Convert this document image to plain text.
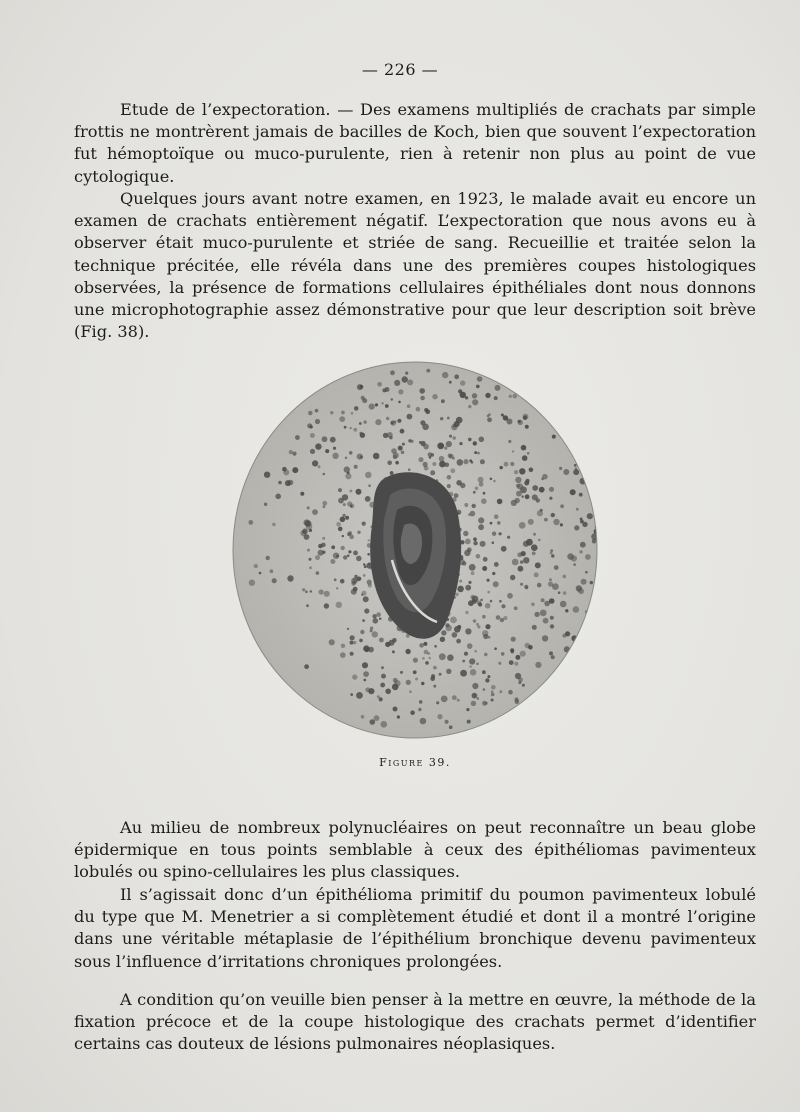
— 226 —

Etude de l’expectoration. — Des examens multipliés de crachats par simple frottis ne montrèrent jamais de bacilles de Koch, bien que souvent l’expectoration fut hémoptoïque ou muco-purulente, rien à retenir non plus au point de vue cytologique.

Quelques jours avant notre examen, en 1923, le malade avait eu encore un examen de crachats entièrement négatif. L’expectoration que nous avons eu à observer était muco-purulente et striée de sang. Recueillie et traitée selon la technique précitée, elle révéla dans une des premières coupes histologiques observées, la présence de formations cellulaires épithéliales dont nous donnons une microphotographie assez démonstrative pour que leur description soit brève (Fig. 38).

Figure 39.

Au milieu de nombreux polynucléaires on peut reconnaître un beau globe épidermique en tous points semblable à ceux des épithéliomas pavimenteux lobulés ou spino-cellulaires les plus classiques.

Il s’agissait donc d’un épithélioma primitif du poumon pavimenteux lobulé du type que M. Menetrier a si complètement étudié et dont il a montré l’origine dans une véritable métaplasie de l’épithélium bronchique devenu pavimenteux sous l’influence d’irritations chroniques prolongées.

A condition qu’on veuille bien penser à la mettre en œuvre, la méthode de la fixation précoce et de la coupe histologique des crachats permet d’identifier certains cas douteux de lésions pulmonaires néoplasiques.
